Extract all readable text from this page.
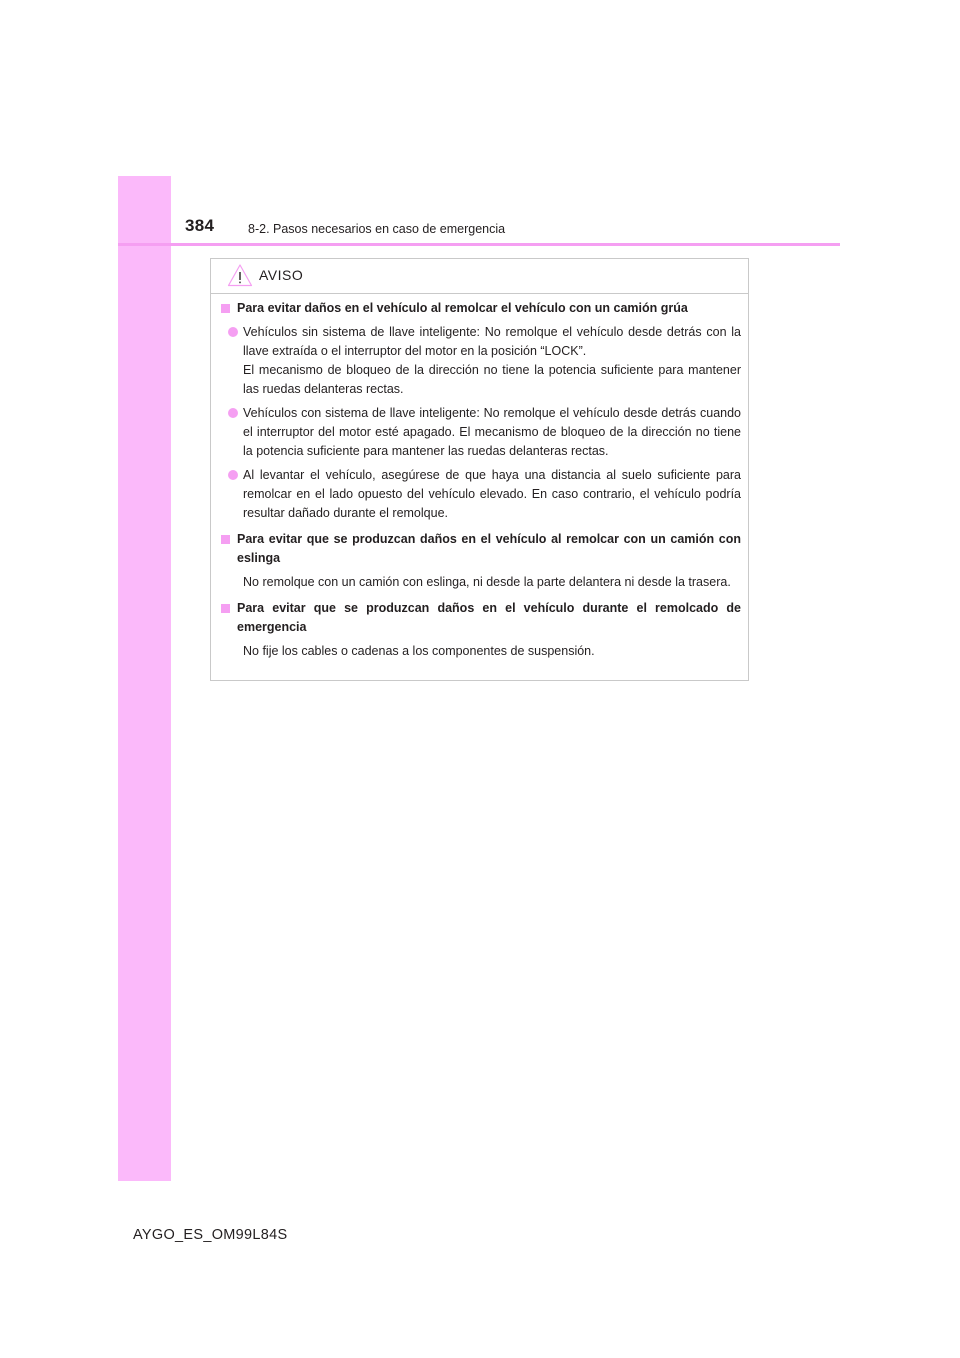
384	8-2. Pasos necesarios en caso de emergencia
AVISO
Para evitar daños en el vehículo al remolcar el vehículo con un camión grúa

Vehículos sin sistema de llave inteligente: No remolque el vehículo desde detrás con la llave extraída o el interruptor del motor en la posición “LOCK”.

El mecanismo de bloqueo de la dirección no tiene la potencia suficiente para mantener las ruedas delanteras rectas.

Vehículos con sistema de llave inteligente: No remolque el vehículo desde detrás cuando el interruptor del motor esté apagado. El mecanismo de bloqueo de la dirección no tiene la potencia suficiente para mantener las ruedas delanteras rectas.

Al levantar el vehículo, asegúrese de que haya una distancia al suelo suficiente para remolcar en el lado opuesto del vehículo elevado. En caso contrario, el vehículo podría resultar dañado durante el remolque.

Para evitar que se produzcan daños en el vehículo al remolcar con un camión con eslinga

No remolque con un camión con eslinga, ni desde la parte delantera ni desde la trasera.

Para evitar que se produzcan daños en el vehículo durante el remolcado de emergencia

No fije los cables o cadenas a los componentes de suspensión.

AYGO_ES_OM99L84S
